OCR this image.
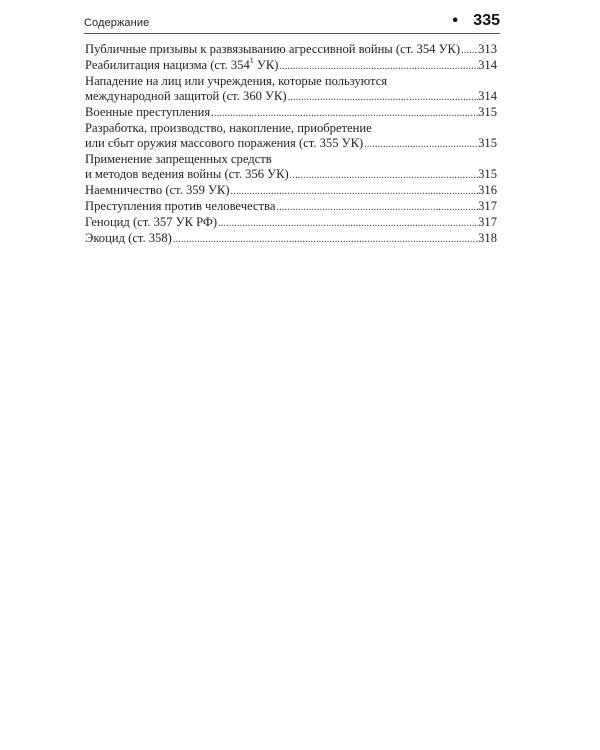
Содержание	• 335
Публичные призывы к развязыванию агрессивной войны (ст. 354 УК) ..... 313
Реабилитация нацизма (ст. $354^1$ УК) .....	314
Нападение на лиц или учреждения, которые пользуются
международной защитой (ст. 360 УК) .....	314
Военные преступления .....	315
Разработка, производство, накопление, приобретение
или сбыт оружия массового поражения (ст. 355 УК) .....	315
Применение запрещенных средств
и методов ведения войны (ст. 356 УК) .....	315
Наемничество (ст. 359 УК) .....	316
Преступления против человечества .....	317
Геноцид (ст. 357 УК РФ) .....	317
Экоцид (ст. 358) .....	318
